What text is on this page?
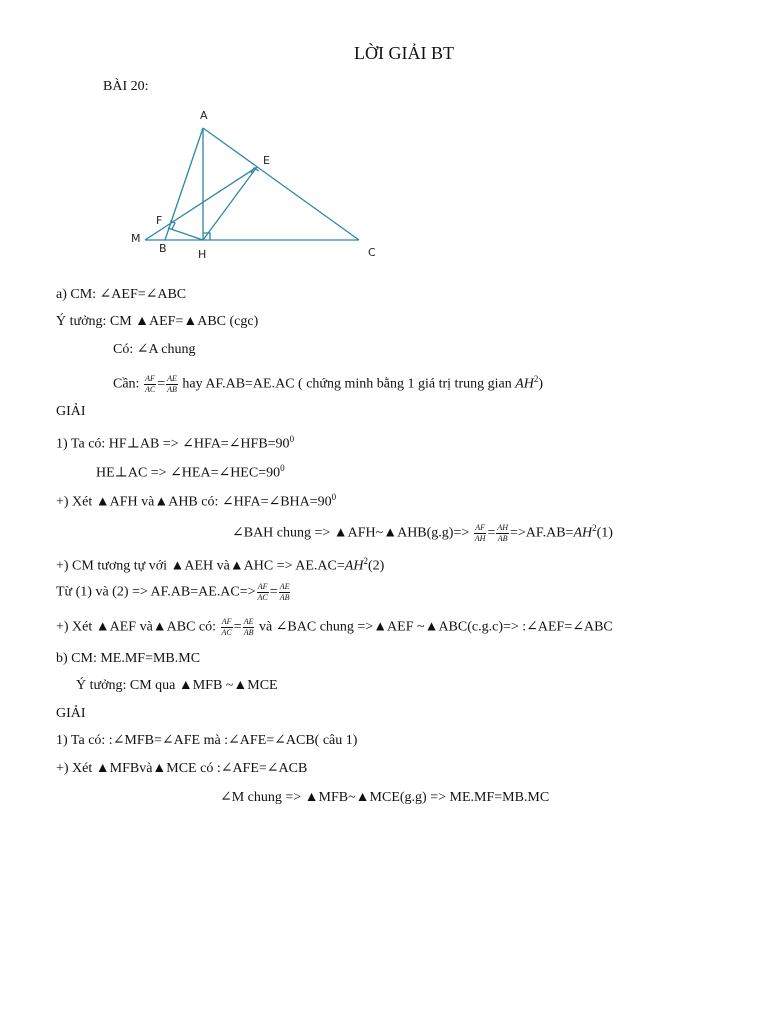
LỜI GIẢI BT
BÀI 20:
A
E
F
M
B	H	C
a) CM: ∠AEF=∠ABC
Ý tưởng: CM ▲AEF=▲ABC (cgc)
Có: ∠A chung
Cần: $\frac{AF}{AC} = \frac{AE}{AB}$ hay AF.AB=AE.AC ( chứng minh bằng 1 giá trị trung gian $AH^2$)
GIẢI
1) Ta có: HF⊥AB => $\angle HFA=\angle HFB=90^0$
HE⊥AC => $\angle HEA=\angle HEC=90^0$
+) Xét ▲AFH và▲AHB có: $\angle HFA=\angle BHA=90^0$
∠BAH chung => ▲AFH~▲AHB(g.g)=> $\frac{AF}{AH} = \frac{AH}{AB} =>AF.AB=AH^2(1)$
+) CM tương tự với ▲AEH và▲AHC => $AE.AC=AH^2(2)$
Từ (1) và $(2) => AF.AB=AE.AC=> \frac{AF}{AC} = \frac{AE}{AB}$
+) Xét ▲AEF và▲ABC có: $\frac{AF}{AC} = \frac{AE}{AB}$ và ∠BAC chung =>▲AEF ~▲ABC(c.g.c)=> :∠AEF=∠ABC
b) CM: ME.MF=MB.MC
Ý tưởng: CM qua ▲MFB ~▲MCE
GIẢI
1) Ta có: :∠MFB=∠AFE mà :∠AFE=∠ACB( câu 1)
+) Xét ▲MFBvà▲MCE có :∠AFE=∠ACB
∠M chung => ▲MFB~▲MCE(g.g) => ME.MF=MB.MC
